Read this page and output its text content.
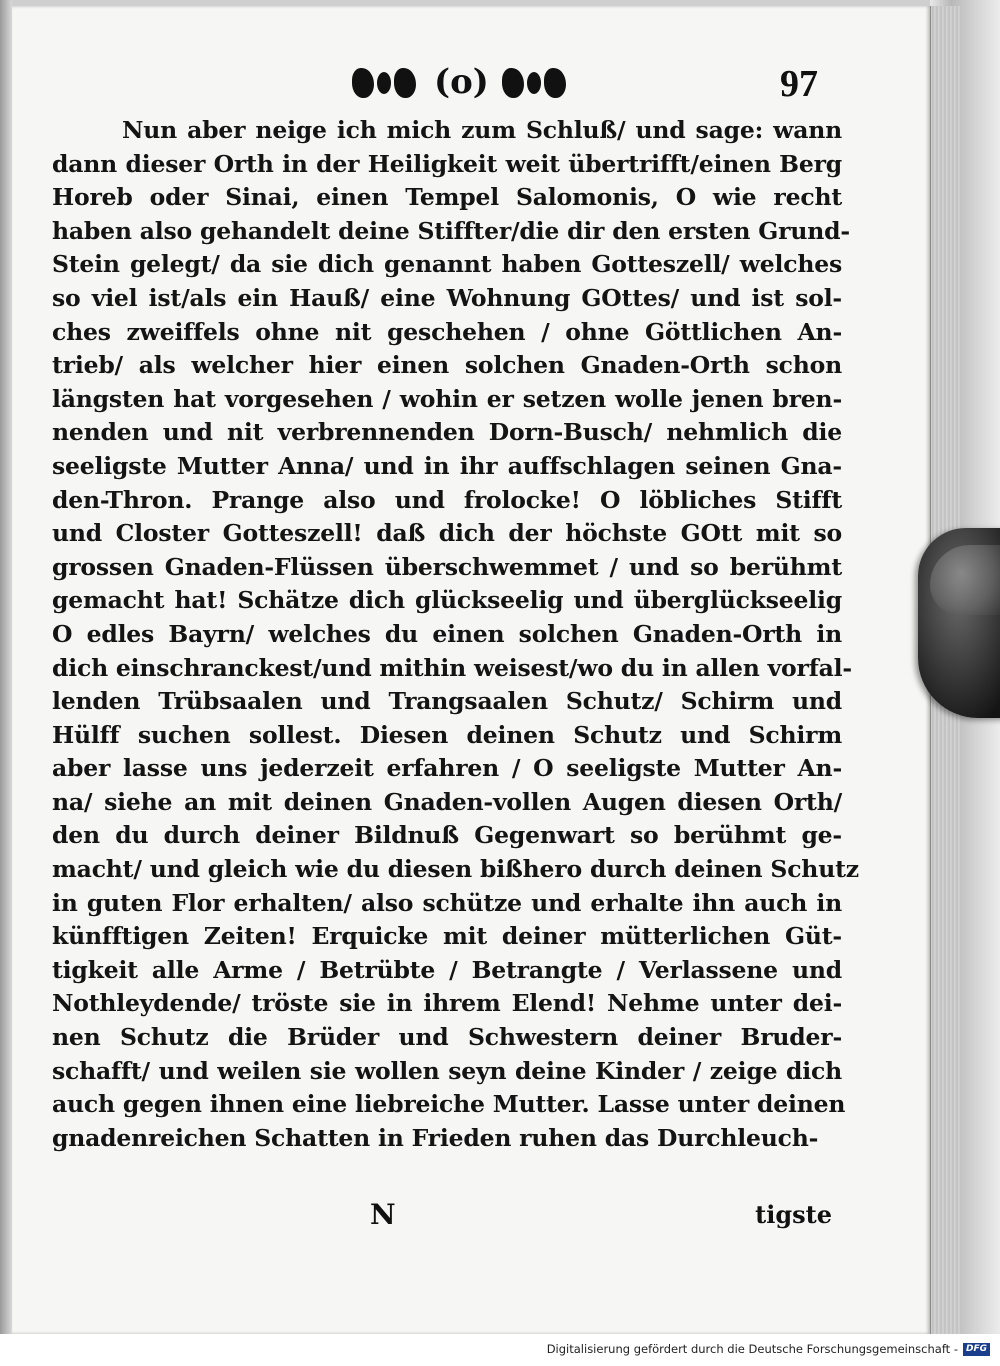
(o)	97
Nun aber neige ich mich zum Schluß/ und sage: wann
dann dieser Orth in der Heiligkeit weit übertrifft/einen Berg
Horeb oder Sinai, einen Tempel Salomonis, O wie recht
haben also gehandelt deine Stiffter/die dir den ersten Grund-
Stein gelegt/ da sie dich genannt haben Gotteszell/ welches
so viel ist/als ein Hauß/ eine Wohnung GOttes/ und ist sol-
ches zweiffels ohne nit geschehen / ohne Göttlichen An-
trieb/ als welcher hier einen solchen Gnaden-Orth schon
längsten hat vorgesehen / wohin er setzen wolle jenen bren-
nenden und nit verbrennenden Dorn-Busch/ nehmlich die
seeligste Mutter Anna/ und in ihr auffschlagen seinen Gna-
den-Thron. Prange also und frolocke! O löbliches Stifft
und Closter Gotteszell! daß dich der höchste GOtt mit so
grossen Gnaden-Flüssen überschwemmet / und so berühmt
gemacht hat! Schätze dich glückseelig und überglückseelig
O edles Bayrn/ welches du einen solchen Gnaden-Orth in
dich einschranckest/und mithin weisest/wo du in allen vorfal-
lenden Trübsaalen und Trangsaalen Schutz/ Schirm und
Hülff suchen sollest. Diesen deinen Schutz und Schirm
aber lasse uns jederzeit erfahren / O seeligste Mutter An-
na/ siehe an mit deinen Gnaden-vollen Augen diesen Orth/
den du durch deiner Bildnuß Gegenwart so berühmt ge-
macht/ und gleich wie du diesen bißhero durch deinen Schutz
in guten Flor erhalten/ also schütze und erhalte ihn auch in
künfftigen Zeiten! Erquicke mit deiner mütterlichen Güt-
tigkeit alle Arme / Betrübte / Betrangte / Verlassene und
Nothleydende/ tröste sie in ihrem Elend! Nehme unter dei-
nen Schutz die Brüder und Schwestern deiner Bruder-
schafft/ und weilen sie wollen seyn deine Kinder / zeige dich
auch gegen ihnen eine liebreiche Mutter. Lasse unter deinen
gnadenreichen Schatten in Frieden ruhen das Durchleuch-
N	tigste
Digitalisierung gefördert durch die Deutsche Forschungsgemeinschaft - DFG
